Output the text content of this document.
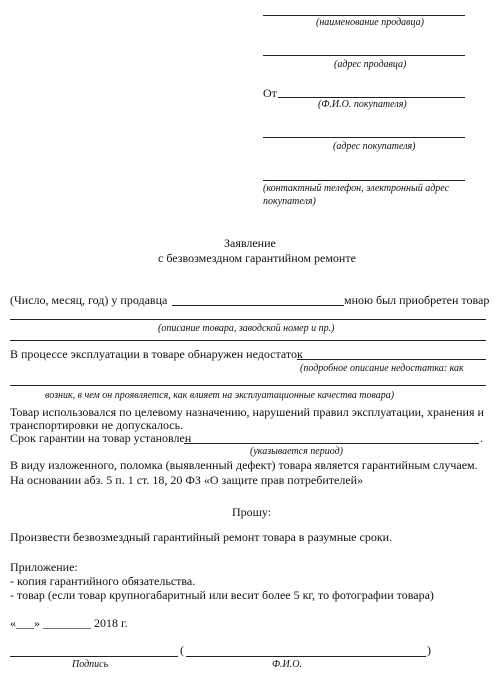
(наименование продавца)
(адрес продавца)
От
(Ф.И.О. покупателя)
(адрес покупателя)
(контактный телефон, электронный адрес
покупателя)
Заявление
с безвозмездном гарантийном ремонте
(Число, месяц, год) у продавца	мною был приобретен товар
(описание товара, заводской номер и пр.)
В процессе эксплуатации в товаре обнаружен недостаток
(подробное описание недостатка: как
возник, в чем он проявляется, как влияет на эксплуатационные качества товара)
Товар использовался по целевому назначению, нарушений правил эксплуатации, хранения и
транспортировки не допускалось.
Срок гарантии на товар установлен	.
(указывается период)
В виду изложенного, поломка (выявленный дефект) товара является гарантийным случаем.
На основании абз. 5 п. 1 ст. 18, 20 ФЗ «О защите прав потребителей»
Прошу:
Произвести безвозмездный гарантийный ремонт товара в разумные сроки.
Приложение:
- копия гарантийного обязательства.
- товар (если товар крупногабаритный или весит более 5 кг, то фотографии товара)
«___» ________ 2018 г.
(	)
Подпись	Ф.И.О.
